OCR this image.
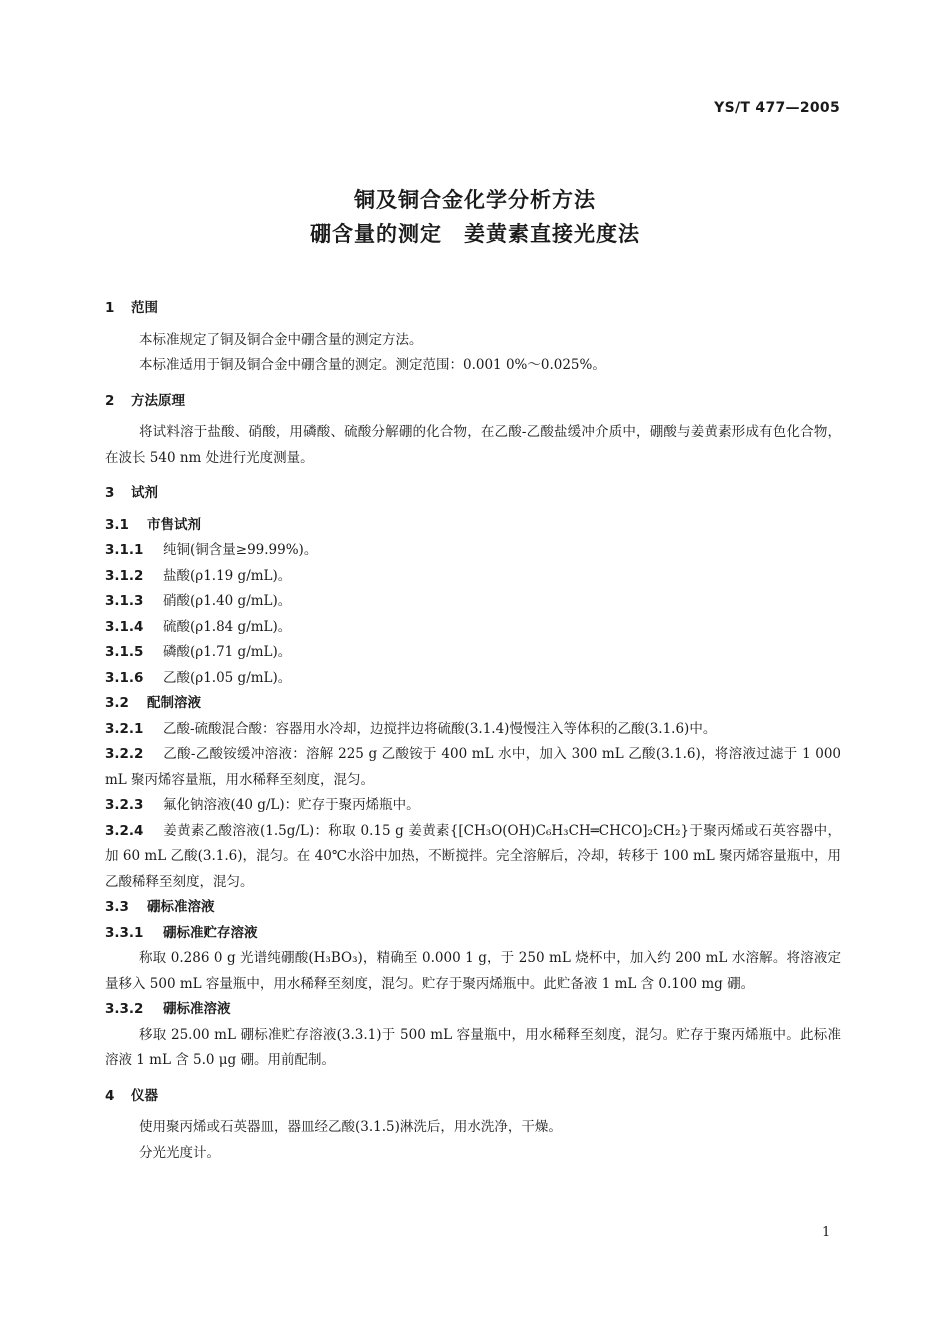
YS/T 477—2005
铜及铜合金化学分析方法
硼含量的测定　姜黄素直接光度法

1 范围

本标准规定了铜及铜合金中硼含量的测定方法。

本标准适用于铜及铜合金中硼含量的测定。测定范围：0.001 0%～0.025%。

2 方法原理

将试料溶于盐酸、硝酸，用磷酸、硫酸分解硼的化合物，在乙酸-乙酸盐缓冲介质中，硼酸与姜黄素形成有色化合物，在波长 540 nm 处进行光度测量。

3 试剂

3.1 市售试剂

3.1.1 纯铜(铜含量≥99.99%)。

3.1.2 盐酸(ρ1.19 g/mL)。

3.1.3 硝酸(ρ1.40 g/mL)。

3.1.4 硫酸(ρ1.84 g/mL)。

3.1.5 磷酸(ρ1.71 g/mL)。

3.1.6 乙酸(ρ1.05 g/mL)。

3.2 配制溶液

3.2.1 乙酸-硫酸混合酸：容器用水冷却，边搅拌边将硫酸(3.1.4)慢慢注入等体积的乙酸(3.1.6)中。

3.2.2 乙酸-乙酸铵缓冲溶液：溶解 225 g 乙酸铵于 400 mL 水中，加入 300 mL 乙酸(3.1.6)，将溶液过滤于 1 000 mL 聚丙烯容量瓶，用水稀释至刻度，混匀。

3.2.3 氟化钠溶液(40 g/L)：贮存于聚丙烯瓶中。

3.2.4 姜黄素乙酸溶液(1.5g/L)：称取 0.15 g 姜黄素{[CH₃O(OH)C₆H₃CH═CHCO]₂CH₂}于聚丙烯或石英容器中，加 60 mL 乙酸(3.1.6)，混匀。在 40℃水浴中加热，不断搅拌。完全溶解后，冷却，转移于 100 mL 聚丙烯容量瓶中，用乙酸稀释至刻度，混匀。

3.3 硼标准溶液

3.3.1 硼标准贮存溶液

称取 0.286 0 g 光谱纯硼酸(H₃BO₃)，精确至 0.000 1 g，于 250 mL 烧杯中，加入约 200 mL 水溶解。将溶液定量移入 500 mL 容量瓶中，用水稀释至刻度，混匀。贮存于聚丙烯瓶中。此贮备液 1 mL 含 0.100 mg 硼。

3.3.2 硼标准溶液

移取 25.00 mL 硼标准贮存溶液(3.3.1)于 500 mL 容量瓶中，用水稀释至刻度，混匀。贮存于聚丙烯瓶中。此标准溶液 1 mL 含 5.0 μg 硼。用前配制。

4 仪器

使用聚丙烯或石英器皿，器皿经乙酸(3.1.5)淋洗后，用水洗净，干燥。

分光光度计。

1
